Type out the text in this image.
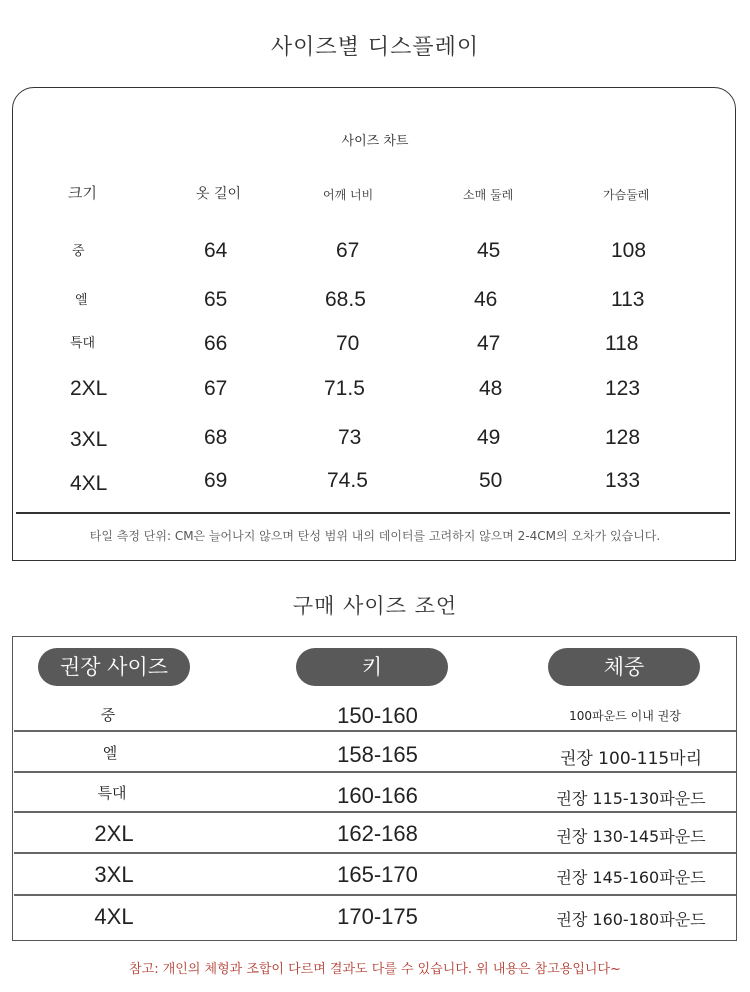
사이즈별 디스플레이
사이즈 차트
크기	옷 길이	어깨 너비	소매 둘레	가슴둘레
중	64	67	45	108
엘	65	68.5	46	113
특대	66	70	47	118
2XL	67	71.5	48	123
3XL	68	73	49	128
4XL	69	74.5	50	133
타일 측정 단위: CM은 늘어나지 않으며 탄성 범위 내의 데이터를 고려하지 않으며 2-4CM의 오차가 있습니다.
구매 사이즈 조언
권장 사이즈	키	체중
중	150-160	100파운드 이내 권장
엘	158-165	권장 100-115마리
특대	160-166	권장 115-130파운드
2XL	162-168	권장 130-145파운드
3XL	165-170	권장 145-160파운드
4XL	170-175	권장 160-180파운드
참고: 개인의 체형과 조합이 다르며 결과도 다를 수 있습니다. 위 내용은 참고용입니다~
